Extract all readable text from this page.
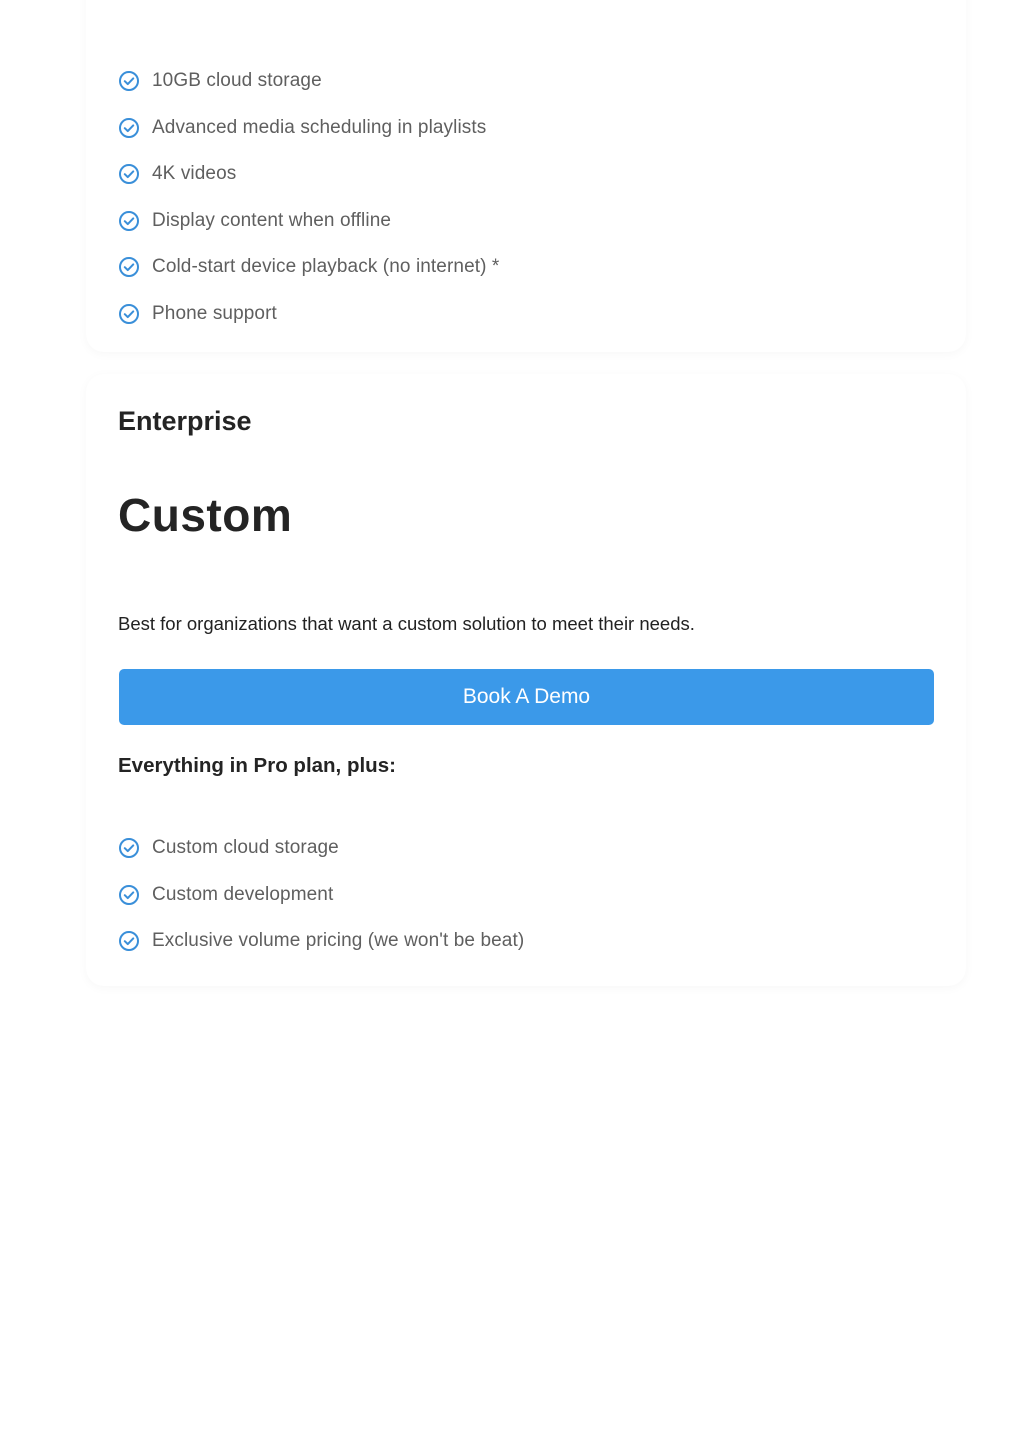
10GB cloud storage
Advanced media scheduling in playlists
4K videos
Display content when offline
Cold-start device playback (no internet) *
Phone support
Enterprise
Custom

Best for organizations that want a custom solution to meet their needs.

Book A Demo
Everything in Pro plan, plus:
Custom cloud storage
Custom development
Exclusive volume pricing (we won't be beat)
